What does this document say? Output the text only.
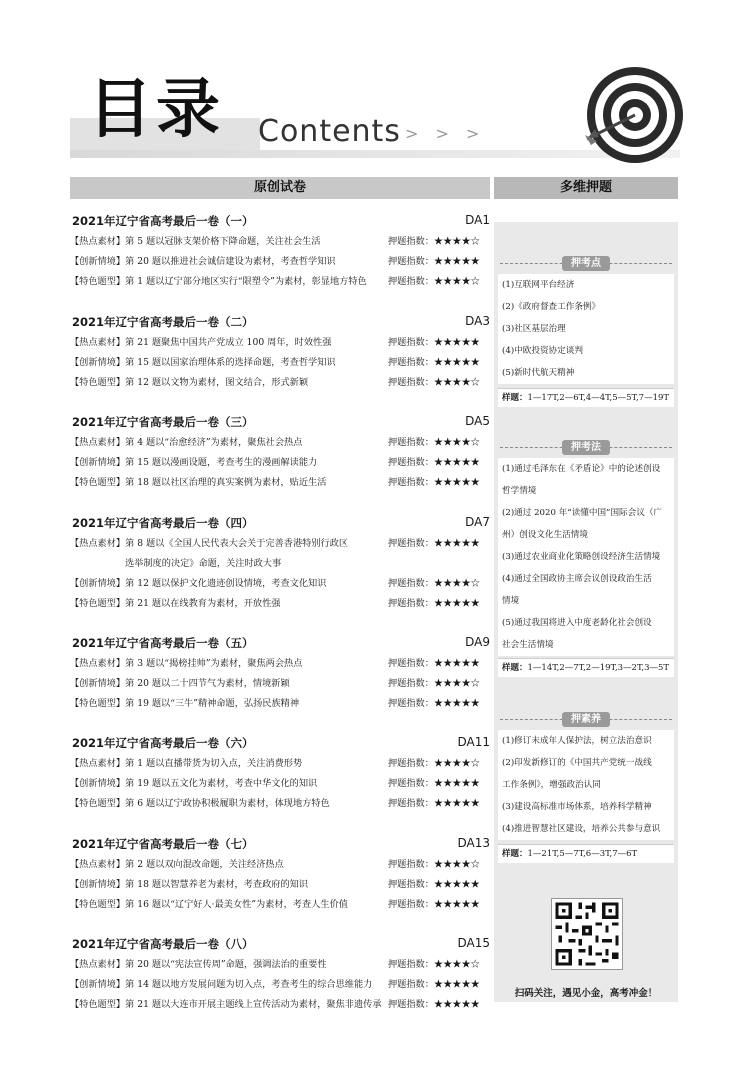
目录 Contents > > >
原创试卷	多维押题
2021年辽宁省高考最后一卷（一）	DA1
【热点素材】第 5 题以冠脉支架价格下降命题，关注社会生活	押题指数：★★★★☆
【创新情境】第 20 题以推进社会诚信建设为素材，考查哲学知识	押题指数：★★★★★
【特色题型】第 1 题以辽宁部分地区实行“限塑令”为素材，彰显地方特色	押题指数：★★★★☆
2021年辽宁省高考最后一卷（二）	DA3
【热点素材】第 21 题聚焦中国共产党成立 100 周年，时效性强	押题指数：★★★★★
【创新情境】第 15 题以国家治理体系的选择命题，考查哲学知识	押题指数：★★★★★
【特色题型】第 12 题以文物为素材，图文结合，形式新颖	押题指数：★★★★☆
2021年辽宁省高考最后一卷（三）	DA5
【热点素材】第 4 题以“治愈经济”为素材，聚焦社会热点	押题指数：★★★★☆
【创新情境】第 15 题以漫画设题，考查考生的漫画解读能力	押题指数：★★★★★
【特色题型】第 18 题以社区治理的真实案例为素材，贴近生活	押题指数：★★★★★
2021年辽宁省高考最后一卷（四）	DA7
【热点素材】第 8 题以《全国人民代表大会关于完善香港特别行政区	押题指数：★★★★★
选举制度的决定》命题，关注时政大事
【创新情境】第 12 题以保护文化遗迹创设情境，考查文化知识	押题指数：★★★★☆
【特色题型】第 21 题以在线教育为素材，开放性强	押题指数：★★★★★
2021年辽宁省高考最后一卷（五）	DA9
【热点素材】第 3 题以“揭榜挂帅”为素材，聚焦两会热点	押题指数：★★★★★
【创新情境】第 20 题以二十四节气为素材，情境新颖	押题指数：★★★★☆
【特色题型】第 19 题以“三牛”精神命题，弘扬民族精神	押题指数：★★★★★
2021年辽宁省高考最后一卷（六）	DA11
【热点素材】第 1 题以直播带货为切入点，关注消费形势	押题指数：★★★★☆
【创新情境】第 19 题以五文化为素材，考查中华文化的知识	押题指数：★★★★★
【特色题型】第 6 题以辽宁政协积极履职为素材，体现地方特色	押题指数：★★★★★
2021年辽宁省高考最后一卷（七）	DA13
【热点素材】第 2 题以双向混改命题，关注经济热点	押题指数：★★★★☆
【创新情境】第 18 题以智慧养老为素材，考查政府的知识	押题指数：★★★★★
【特色题型】第 16 题以“辽宁好人·最美女性”为素材，考查人生价值	押题指数：★★★★★
2021年辽宁省高考最后一卷（八）	DA15
【热点素材】第 20 题以“宪法宣传周”命题，强调法治的重要性	押题指数：★★★★☆
【创新情境】第 14 题以地方发展问题为切入点，考查考生的综合思维能力	押题指数：★★★★★
【特色题型】第 21 题以大连市开展主题线上宣传活动为素材，聚焦非遗传承 押题指数：★★★★★
押考点
(1)互联网平台经济
(2)《政府督查工作条例》
(3)社区基层治理
(4)中欧投资协定谈判
(5)新时代航天精神
样题：1—17T,2—6T,4—4T,5—5T,7—19T
押考法
(1)通过毛泽东在《矛盾论》中的论述创设
哲学情境
(2)通过 2020 年“读懂中国”国际会议（广
州）创设文化生活情境
(3)通过农业商业化策略创设经济生活情境
(4)通过全国政协主席会议创设政治生活
情境
(5)通过我国将进入中度老龄化社会创设
社会生活情境
样题：1—14T,2—7T,2—19T,3—2T,3—5T
押素养
(1)修订未成年人保护法，树立法治意识
(2)印发新修订的《中国共产党统一战线
工作条例》，增强政治认同
(3)建设高标准市场体系，培养科学精神
(4)推进智慧社区建设，培养公共参与意识
样题：1—21T,5—7T,6—3T,7—6T
扫码关注，遇见小金，高考冲金！
